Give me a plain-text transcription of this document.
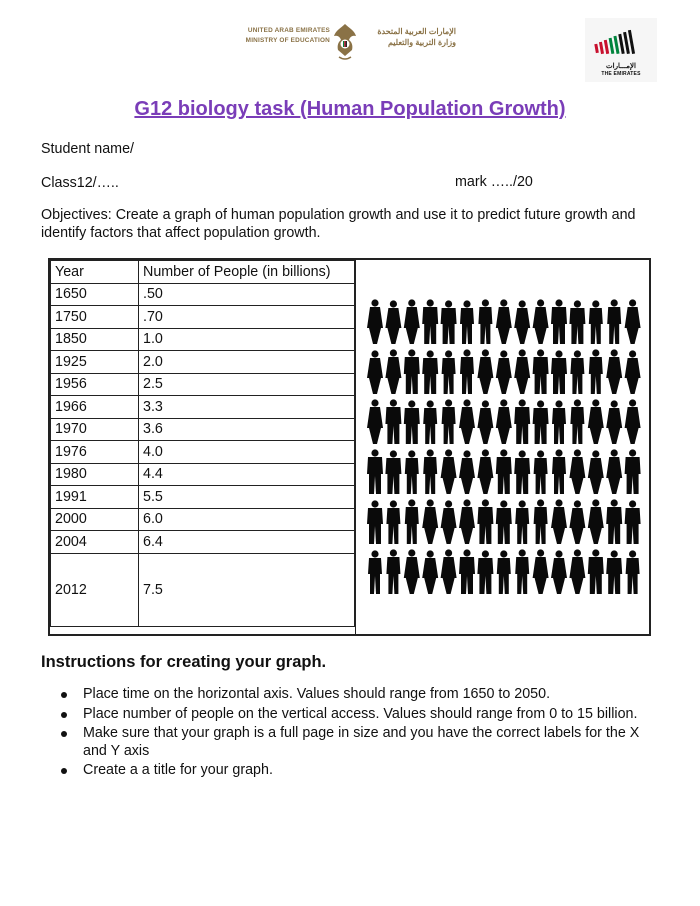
UNITED ARAB EMIRATES
MINISTRY OF EDUCATION
الإمارات العربية المتحدة
وزارة التربية والتعليم
الإمـــارات
THE EMIRATES
G12 biology task (Human Population Growth)
Student name/
Class12/…..	mark …../20
Objectives: Create a graph of human population growth and use it to predict future growth and identify factors that affect population growth.
Year	Number of People (in billions)
1650	.50
1750	.70
1850	1.0
1925	2.0
1956	2.5
1966	3.3
1970	3.6
1976	4.0
1980	4.4
1991	5.5
2000	6.0
2004	6.4
2012	7.5
Instructions for creating your graph.
Place time on the horizontal axis. Values should range from 1650 to 2050.
Place number of people on the vertical access. Values should range from 0 to 15 billion.
Make sure that your graph is a full page in size and you have the correct labels for the X and Y axis
Create a a title for your graph.
